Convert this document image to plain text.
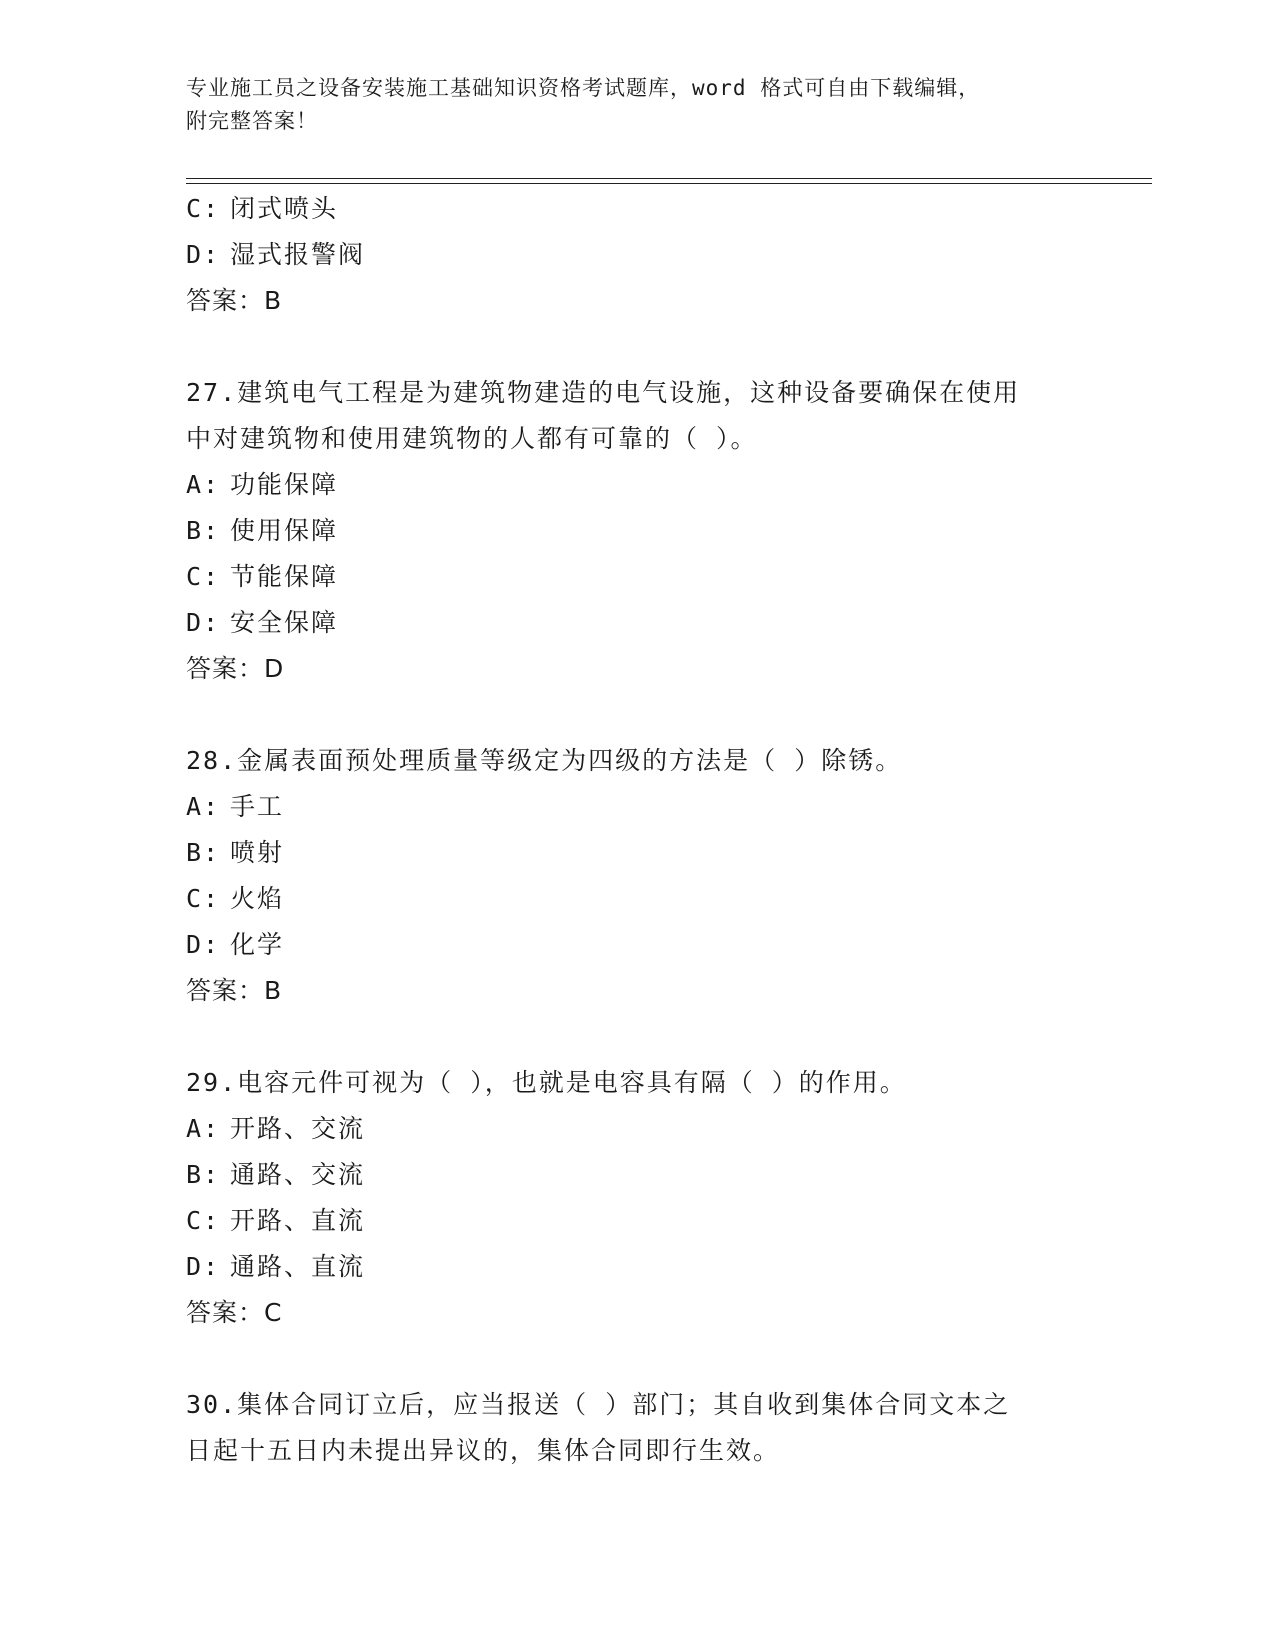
专业施工员之设备安装施工基础知识资格考试题库，word 格式可自由下载编辑，
附完整答案！
C: 闭式喷头
D: 湿式报警阀
答案：B
27.建筑电气工程是为建筑物建造的电气设施，这种设备要确保在使用
中对建筑物和使用建筑物的人都有可靠的（ ）。
A: 功能保障
B: 使用保障
C: 节能保障
D: 安全保障
答案：D
28.金属表面预处理质量等级定为四级的方法是（ ）除锈。
A: 手工
B: 喷射
C: 火焰
D: 化学
答案：B
29.电容元件可视为（ ），也就是电容具有隔（ ）的作用。
A: 开路、交流
B: 通路、交流
C: 开路、直流
D: 通路、直流
答案：C
30.集体合同订立后，应当报送（ ）部门；其自收到集体合同文本之
日起十五日内未提出异议的，集体合同即行生效。
